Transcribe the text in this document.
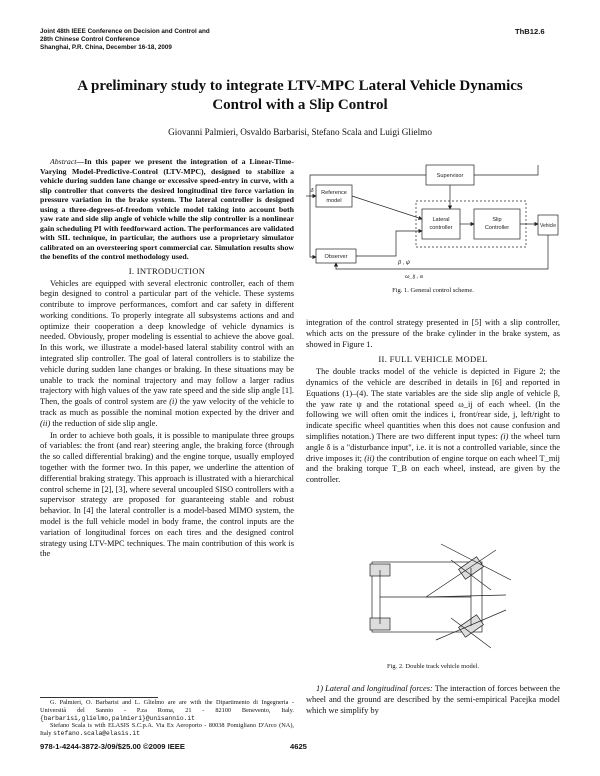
Joint 48th IEEE Conference on Decision and Control and
28th Chinese Control Conference
Shanghai, P.R. China, December 16-18, 2009
ThB12.6
A preliminary study to integrate LTV-MPC Lateral Vehicle Dynamics
Control with a Slip Control
Giovanni Palmieri, Osvaldo Barbarisi, Stefano Scala and Luigi Glielmo
Abstract—In this paper we present the integration of a Linear-Time-Varying Model-Predictive-Control (LTV-MPC), designed to stabilize a vehicle during sudden lane change or excessive speed-entry in curve, with a slip controller that converts the desired longitudinal tire force variation in pressure variation in the brake system. The lateral controller is designed using a three-degrees-of-freedom vehicle model taking into account both yaw rate and side slip angle of vehicle while the slip controller is a nonlinear gain scheduling PI with feedforward action. The performances are validated with SIL technique, in particular, the authors use a proprietary simulator calibrated on an oversteering sport commercial car. Simulation results show the benefits of the control methodology used.
I. INTRODUCTION

Vehicles are equipped with several electronic controller, each of them begin designed to control a particular part of the vehicle. These systems contribute to improve performances, comfort and car safety in different working conditions. To properly integrate all subsystems actions and and optimize their cooperation a deep knowledge of vehicle dynamics is needed. Obviously, proper modeling is essential to achieve the above goal. In this work, we illustrate a model-based lateral stability control with an integrated slip controller. The goal of lateral controllers is to stabilize the vehicle during sudden lane changes or braking. In these situations may be unable to track the nominal trajectory and may follow a larger radius trajectory with high values of the yaw rate speed and the side slip angle [1]. Then, the goals of control system are (i) the yaw velocity of the vehicle to track as much as possible the nominal motion expected by the driver and (ii) the reduction of side slip angle.

In order to achieve both goals, it is possible to manipulate three groups of variables: the front (and rear) steering angle, the braking force (through the so called differential braking) and the engine torque, usually employed together with the former two. In this paper, we underline the attention of differential braking strategy. This approach is illustrated with a hierarchical control scheme in [2], [3], where several uncoupled SISO controllers with a supervisor strategy are proposed for guaranteeing stable and robust behavior. In [4] the lateral controller is a model-based MIMO system, the model is the full vehicle model in body frame, the control inputs are the variation of longitudinal forces on each tires and the designed control strategy using LTV-MPC techniques. The main contribution of this work is the

G. Palmieri, O. Barbarisi and L. Glielmo are are with the Dipartimento di Ingegneria - Università del Sannio - P.za Roma, 21 - 82100 Benevento, Italy. {barbarisi,glielmo,palmieri}@unisannio.it
Stefano Scala is with ELASIS S.C.p.A. Via Ex Aeroporto - 80038 Pomigliano D'Arco (NA), Italy stefano.scala@elasis.it
Supervisor
Reference
model
Lateral
controller
Slip
Controller
Observer
Vehicle
δ
β , ψ̇
ω_ij , a
Fig. 1. General control scheme.
integration of the control strategy presented in [5] with a slip controller, which acts on the pressure of the brake cylinder in the brake system, as showed in Figure 1.
II. FULL VEHICLE MODEL

The double tracks model of the vehicle is depicted in Figure 2; the dynamics of the vehicle are described in details in [6] and reported in Equations (1)–(4). The state variables are the side slip angle of vehicle β, the yaw rate ψ and the rotational speed ω_ij of each wheel. (In the following we will often omit the indices i, front/rear side, j, left/right to indicate specific wheel quantities when this does not cause confusion and simplifies notation.) There are two different input types: (i) the wheel turn angle δ is a "disturbance input", i.e. it is not a controlled variable, since the drive imposes it; (ii) the contribution of engine torque on each wheel T_mij and the braking torque T_B on each wheel, instead, are given by the controller.

Fig. 2. Double track vehicle model.

1) Lateral and longitudinal forces: The interaction of forces between the wheel and the ground are described by the semi-empirical Pacejka model which we simplify by

978-1-4244-3872-3/09/$25.00 ©2009 IEEE	4625
